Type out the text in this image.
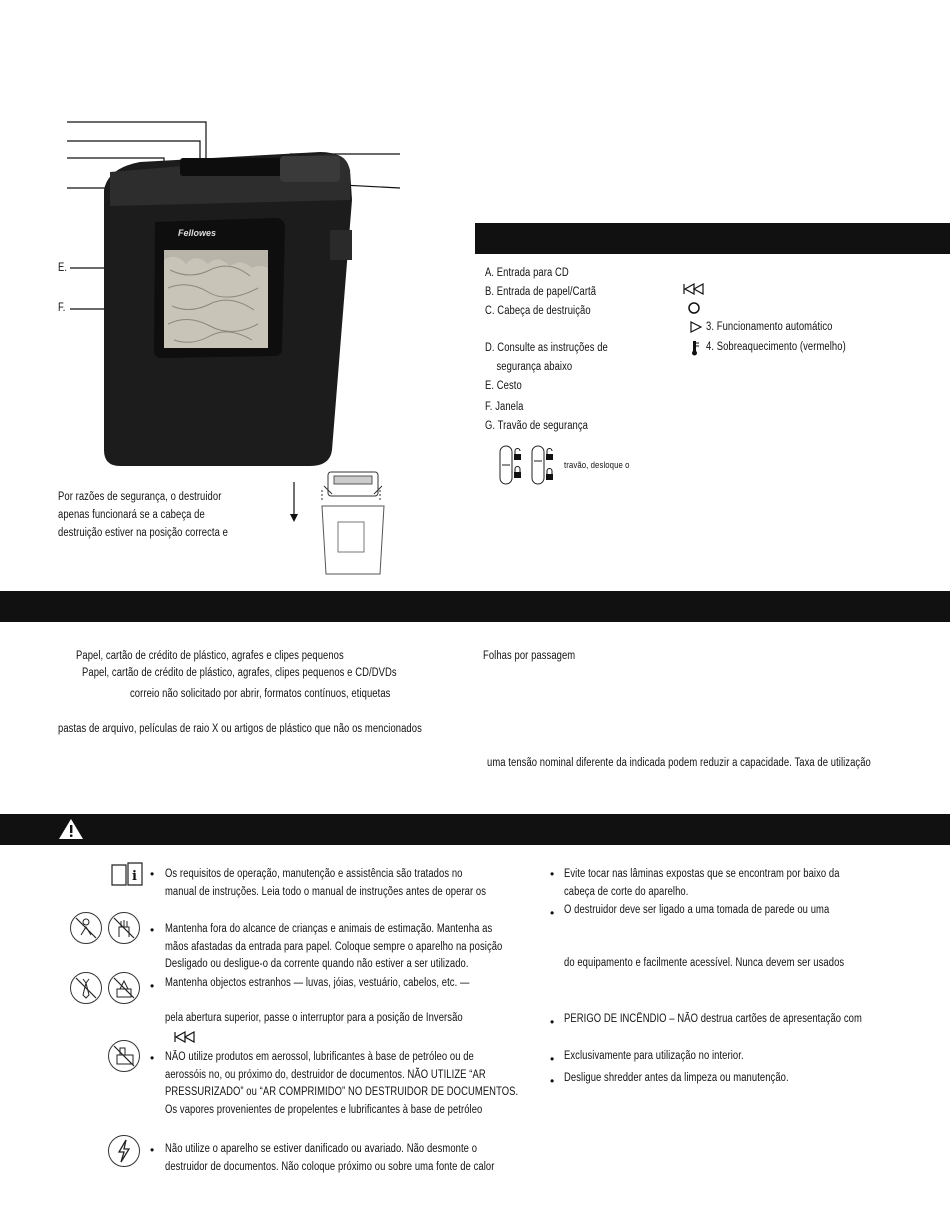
Fellowes
E.
F.
Por razões de segurança, o destruidor
apenas funcionará se a cabeça de
destruição estiver na posição correcta e
A. Entrada para CD
B. Entrada de papel/Cartã
C. Cabeça de destruição
D. Consulte as instruções de
segurança abaixo
E. Cesto
F. Janela
G. Travão de segurança
3. Funcionamento automático
4. Sobreaquecimento (vermelho)
travão, desloque o
Papel, cartão de crédito de plástico, agrafes e clipes pequenos
Papel, cartão de crédito de plástico, agrafes, clipes pequenos e CD/DVDs
correio não solicitado por abrir, formatos contínuos, etiquetas
pastas de arquivo, películas de raio X ou artigos de plástico que não os mencionados
Folhas por passagem
uma tensão nominal diferente da indicada podem reduzir a capacidade. Taxa de utilização
i • Os requisitos de operação, manutenção e assistência são tratados no
manual de instruções. Leia todo o manual de instruções antes de operar os
• Mantenha fora do alcance de crianças e animais de estimação. Mantenha as
mãos afastadas da entrada para papel. Coloque sempre o aparelho na posição
Desligado ou desligue-o da corrente quando não estiver a ser utilizado.
• Mantenha objectos estranhos — luvas, jóias, vestuário, cabelos, etc. —
pela abertura superior, passe o interruptor para a posição de Inversão
• NÃO utilize produtos em aerossol, lubrificantes à base de petróleo ou de
aerossóis no, ou próximo do, destruidor de documentos. NÃO UTILIZE “AR
PRESSURIZADO” ou “AR COMPRIMIDO” NO DESTRUIDOR DE DOCUMENTOS.
Os vapores provenientes de propelentes e lubrificantes à base de petróleo
• Não utilize o aparelho se estiver danificado ou avariado. Não desmonte o
destruidor de documentos. Não coloque próximo ou sobre uma fonte de calor
• Evite tocar nas lâminas expostas que se encontram por baixo da
cabeça de corte do aparelho.
• O destruidor deve ser ligado a uma tomada de parede ou uma
do equipamento e facilmente acessível. Nunca devem ser usados
• PERIGO DE INCÊNDIO – NÃO destrua cartões de apresentação com
• Exclusivamente para utilização no interior.
• Desligue shredder antes da limpeza ou manutenção.
